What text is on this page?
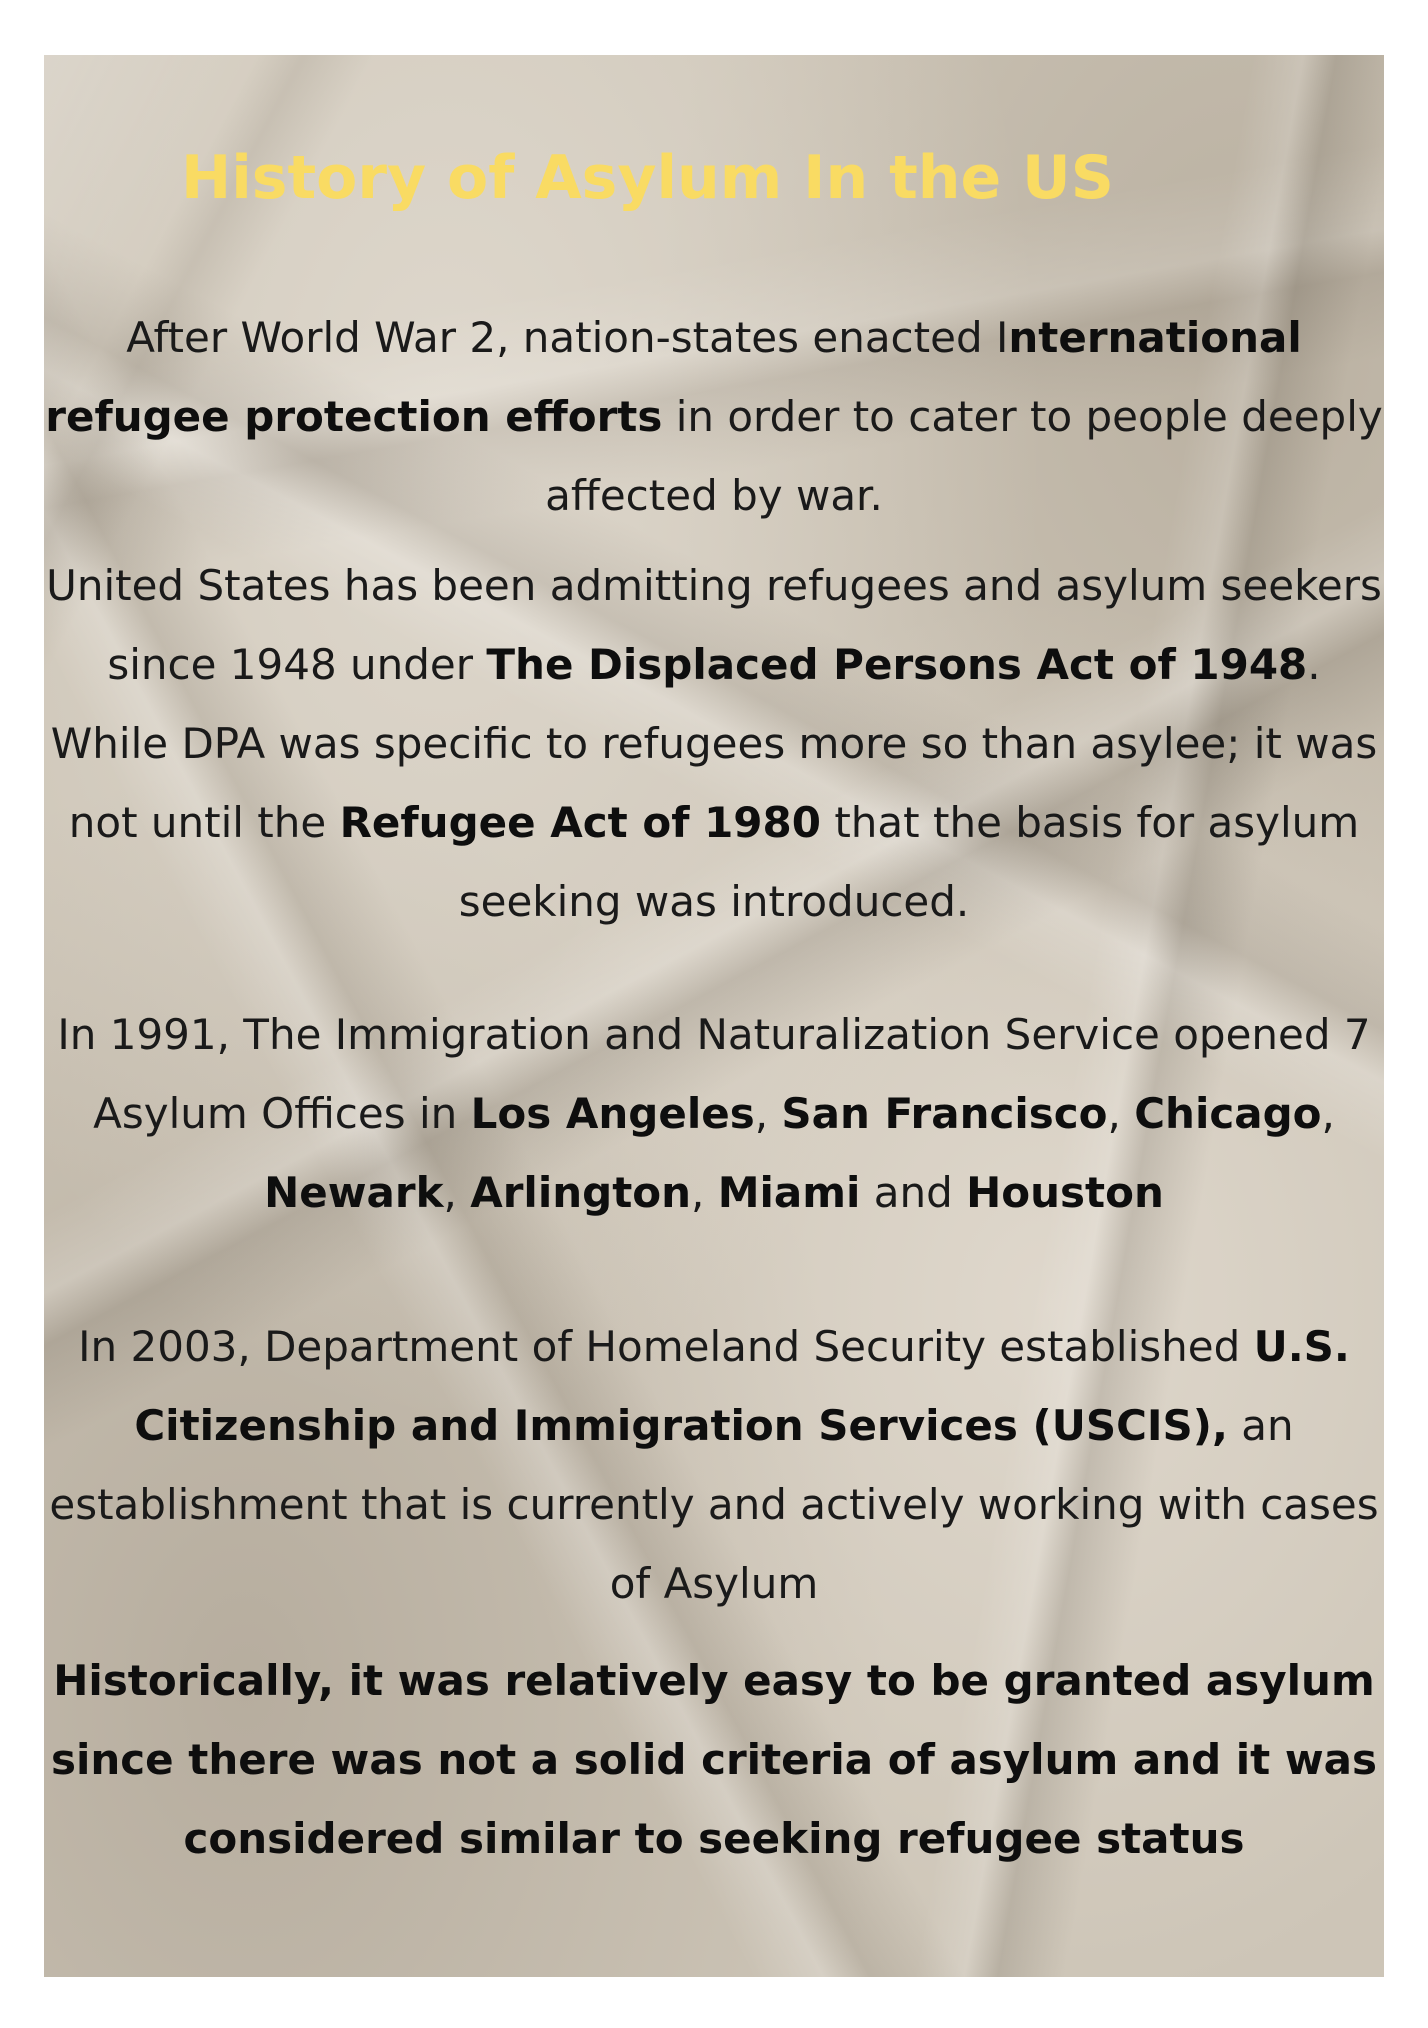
History of Asylum In the US

After World War 2, nation-states enacted International refugee protection efforts in order to cater to people deeply affected by war.

United States has been admitting refugees and asylum seekers since 1948 under The Displaced Persons Act of 1948. While DPA was specific to refugees more so than asylee; it was not until the Refugee Act of 1980 that the basis for asylum seeking was introduced.

In 1991, The Immigration and Naturalization Service opened 7 Asylum Offices in Los Angeles, San Francisco, Chicago, Newark, Arlington, Miami and Houston

In 2003, Department of Homeland Security established U.S. Citizenship and Immigration Services (USCIS), an establishment that is currently and actively working with cases of Asylum

Historically, it was relatively easy to be granted asylum since there was not a solid criteria of asylum and it was considered similar to seeking refugee status
